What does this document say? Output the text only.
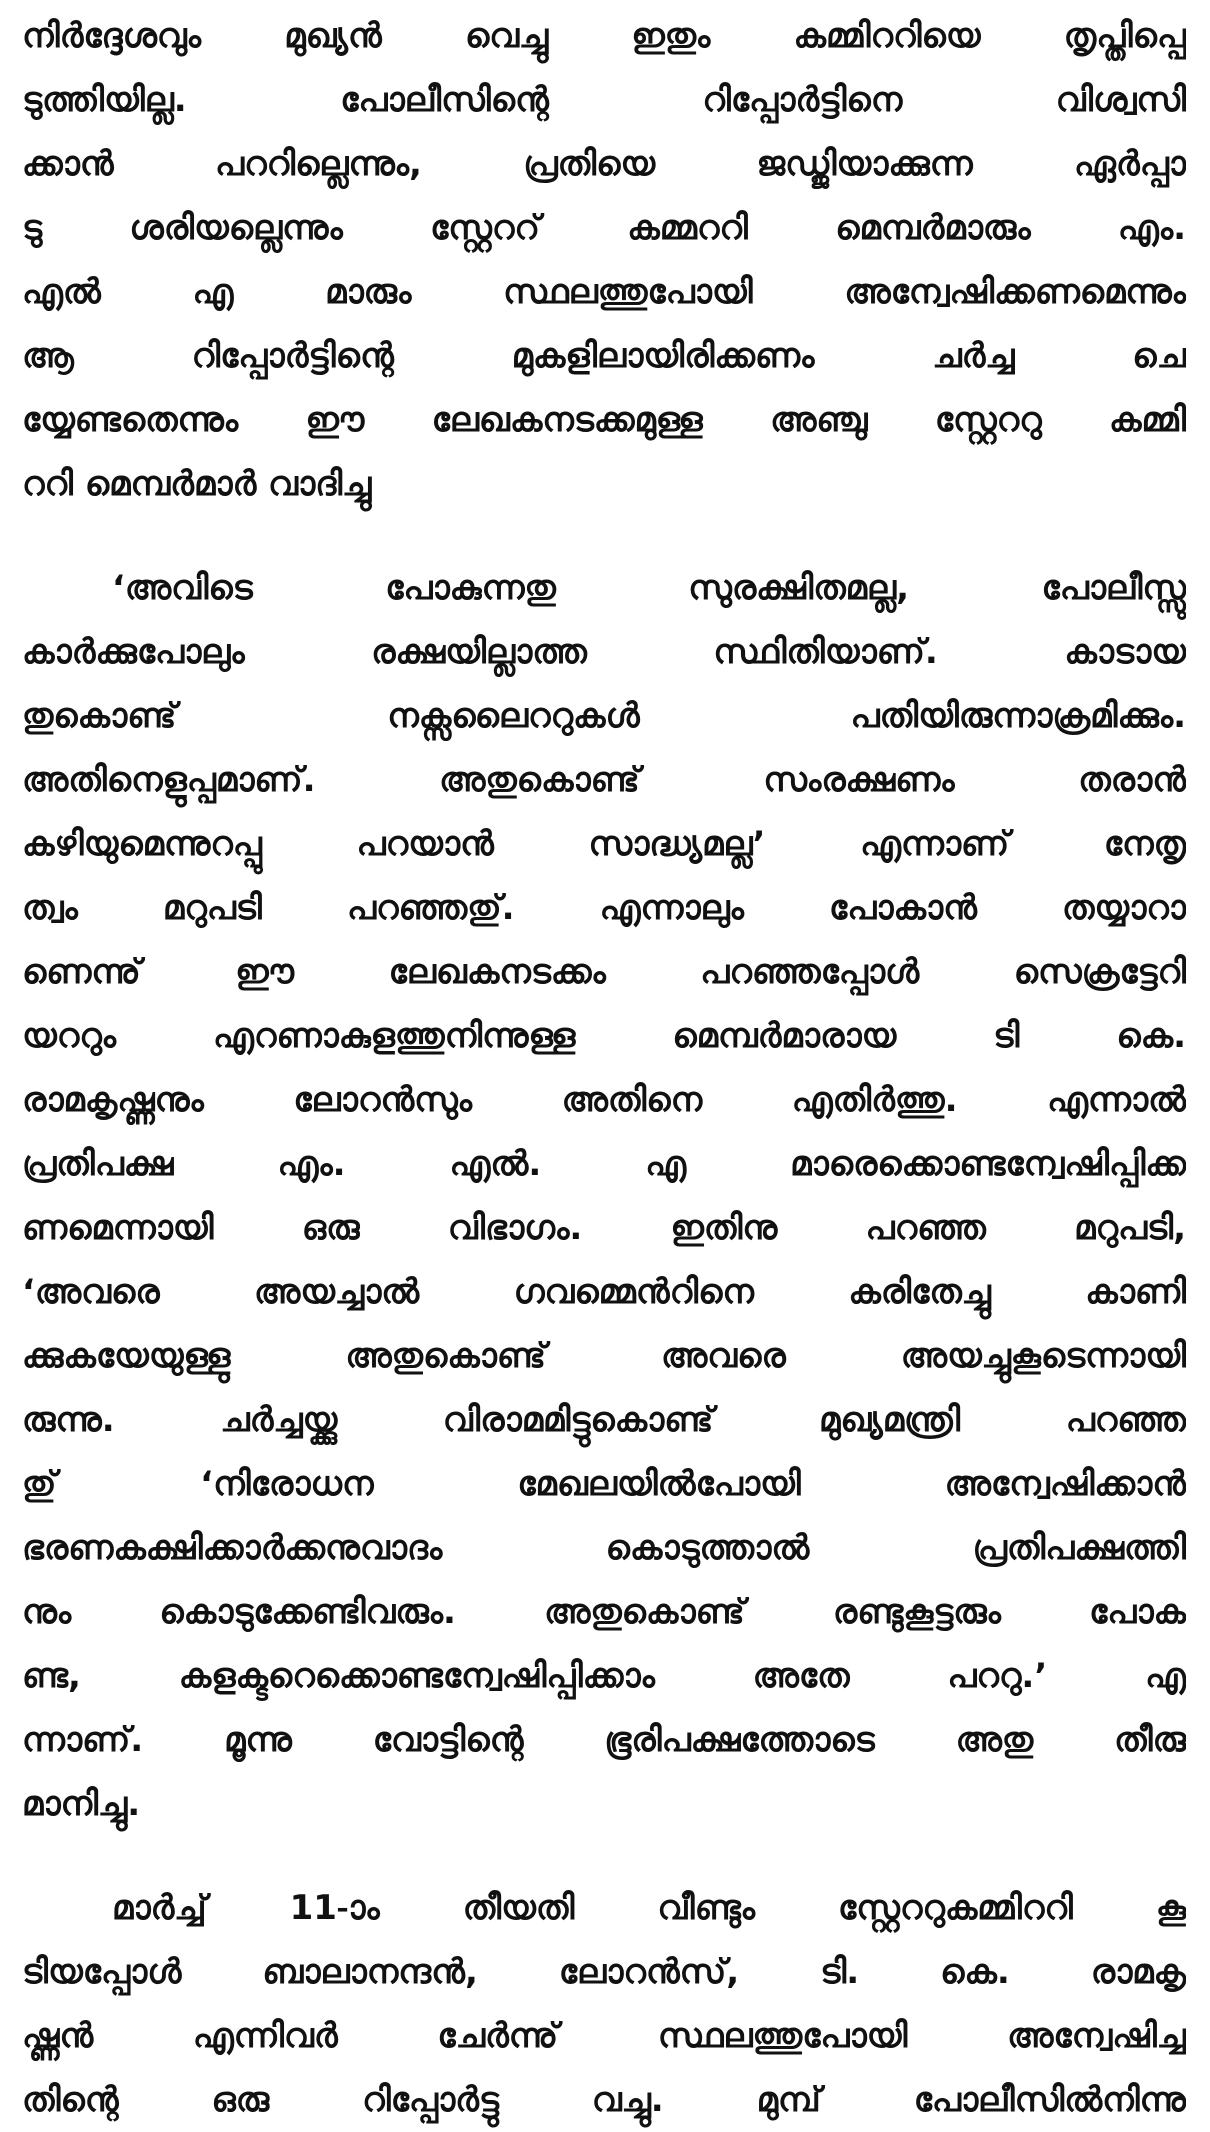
നിർദ്ദേശവും മുഖ്യൻ വെച്ചു ഇതും കമ്മിററിയെ തൃപ്തിപ്പെ
ടുത്തിയില്ല. പോലീസിന്റെ റിപ്പോർട്ടിനെ വിശ്വസി
ക്കാൻ പററില്ലെന്നും, പ്രതിയെ ജഡ്ജിയാക്കുന്ന ഏർപ്പാ
ടു ശരിയല്ലെന്നും സ്റ്റേററ് കമ്മററി മെമ്പർമാരും എം.
എൽ എ മാരും സ്ഥലത്തുപോയി അന്വേഷിക്കണമെന്നും
ആ റിപ്പോർട്ടിന്റെ മുകളിലായിരിക്കണം ചർച്ച ചെ
യ്യേണ്ടതെന്നും ഈ ലേഖകനടക്കമുള്ള അഞ്ചു സ്റ്റേററു കമ്മി
ററി മെമ്പർമാർ വാദിച്ചു
‘അവിടെ പോകുന്നതു സുരക്ഷിതമല്ല, പോലീസ്സു
കാർക്കുപോലും രക്ഷയില്ലാത്ത സ്ഥിതിയാണ്. കാടായ
തുകൊണ്ട് നക്സലൈററുകൾ പതിയിരുന്നാക്രമിക്കും.
അതിനെളുപ്പമാണ്. അതുകൊണ്ട് സംരക്ഷണം തരാൻ
കഴിയുമെന്നുറപ്പു പറയാൻ സാദ്ധ്യമല്ല’ എന്നാണ് നേതൃ
ത്വം മറുപടി പറഞ്ഞതു്. എന്നാലും പോകാൻ തയ്യാറാ
ണെന്നു് ഈ ലേഖകനടക്കം പറഞ്ഞപ്പോൾ സെക്രട്ടേറി
യററും എറണാകുളത്തുനിന്നുള്ള മെമ്പർമാരായ ടി കെ.
രാമകൃഷ്ണനും ലോറൻസും അതിനെ എതിർത്തു. എന്നാൽ
പ്രതിപക്ഷ എം. എൽ. എ മാരെക്കൊണ്ടന്വേഷിപ്പിക്ക
ണമെന്നായി ഒരു വിഭാഗം. ഇതിനു പറഞ്ഞ മറുപടി,
‘അവരെ അയച്ചാൽ ഗവമ്മെൻറിനെ കരിതേച്ചു കാണി
ക്കുകയേയുള്ളു അതുകൊണ്ട് അവരെ അയച്ചുകൂടെന്നായി
രുന്നു. ചർച്ചയ്ക്കു വിരാമമിട്ടുകൊണ്ട് മുഖ്യമന്ത്രി പറഞ്ഞ
തു് ‘നിരോധന മേഖലയിൽപോയി അന്വേഷിക്കാൻ
ഭരണകക്ഷിക്കാർക്കനുവാദം കൊടുത്താൽ പ്രതിപക്ഷത്തി
നും കൊടുക്കേണ്ടിവരും. അതുകൊണ്ട് രണ്ടുകൂട്ടരും പോക
ണ്ട, കളക്ടറെക്കൊണ്ടന്വേഷിപ്പിക്കാം അതേ പററു.’ എ
ന്നാണ്. മൂന്നു വോട്ടിന്റെ ഭൂരിപക്ഷത്തോടെ അതു തീരു
മാനിച്ചു.
മാർച്ച് 11-ാം തീയതി വീണ്ടും സ്റ്റേററുകമ്മിററി കൂ
ടിയപ്പോൾ ബാലാനന്ദൻ, ലോറൻസ്, ടി. കെ. രാമകൃ
ഷ്ണൻ എന്നിവർ ചേർന്നു് സ്ഥലത്തുപോയി അന്വേഷിച്ച
തിന്റെ ഒരു റിപ്പോർട്ടു വച്ചു. മുമ്പ് പോലീസിൽനിന്നു
